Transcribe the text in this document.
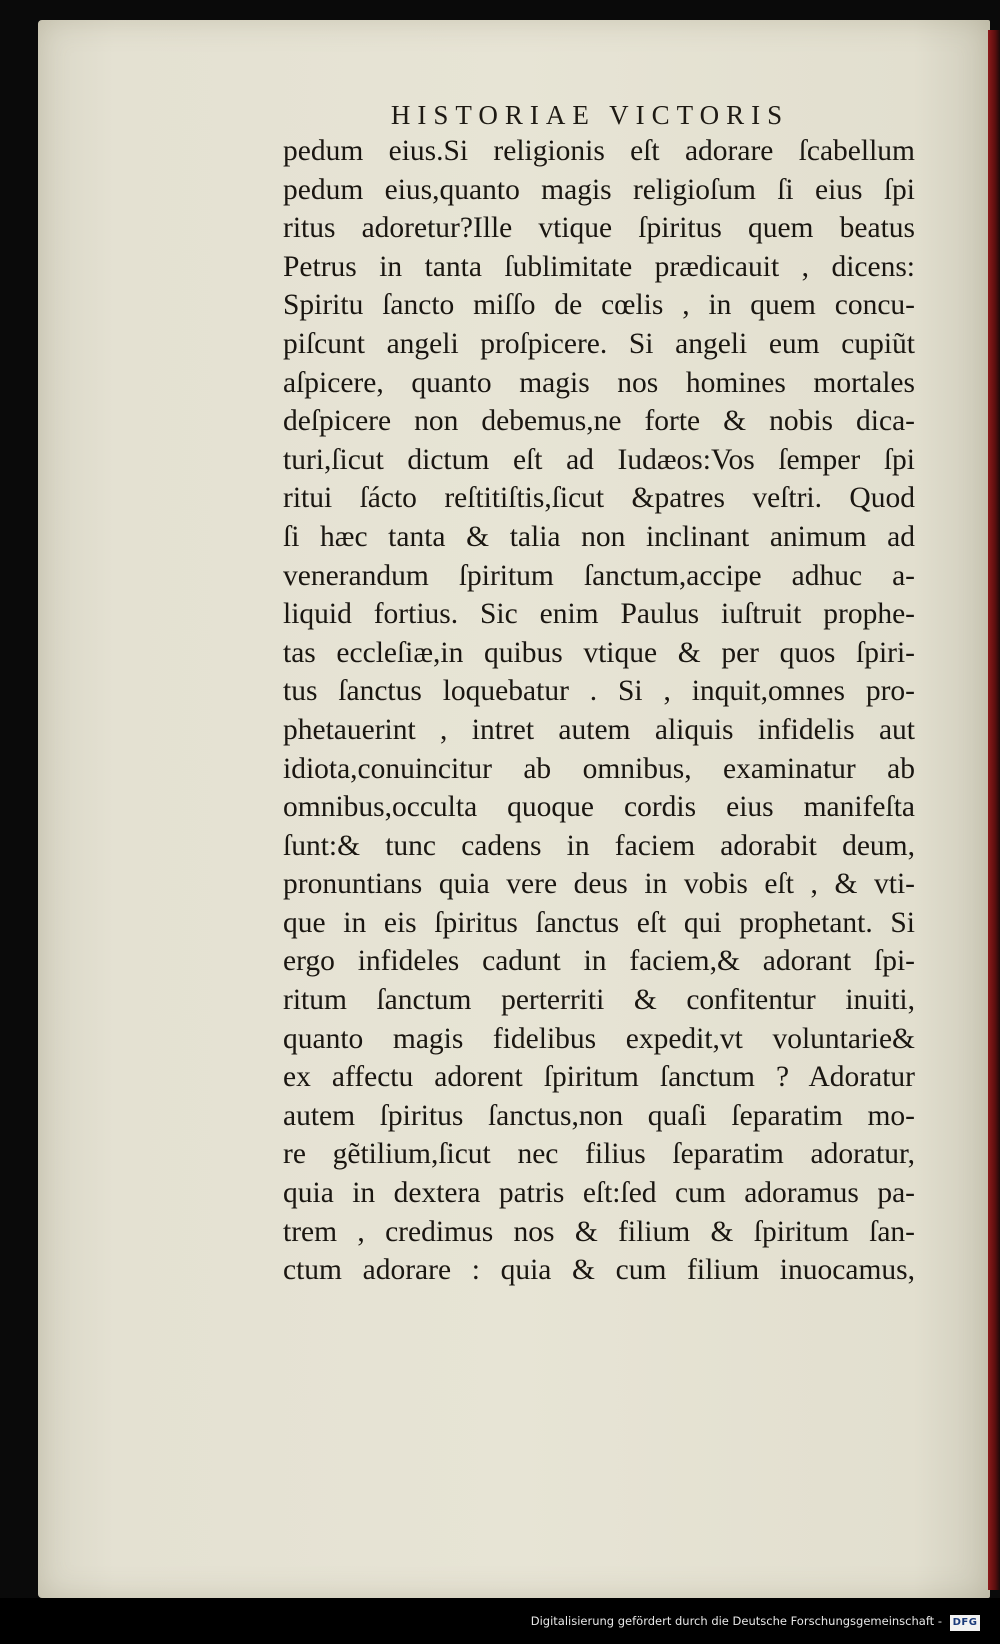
HISTORIAE VICTORIS
pedum eius.Si religionis eſt adorare ſcabellum
pedum eius,quanto magis religioſum ſi eius ſpi
ritus adoretur?Ille vtique ſpiritus quem beatus
Petrus in tanta ſublimitate prædicauit , dicens:
Spiritu ſancto miſſo de cœlis , in quem concu-
piſcunt angeli proſpicere. Si angeli eum cupiũt
aſpicere, quanto magis nos homines mortales
deſpicere non debemus,ne forte & nobis dica-
turi,ſicut dictum eſt ad Iudæos:Vos ſemper ſpi
ritui ſácto reſtitiſtis,ſicut &patres veſtri. Quod
ſi hæc tanta & talia non inclinant animum ad
venerandum ſpiritum ſanctum,accipe adhuc a-
liquid fortius. Sic enim Paulus iuſtruit prophe-
tas eccleſiæ,in quibus vtique & per quos ſpiri-
tus ſanctus loquebatur . Si , inquit,omnes pro-
phetauerint , intret autem aliquis infidelis aut
idiota,conuincitur ab omnibus, examinatur ab
omnibus,occulta quoque cordis eius manifeſta
ſunt:& tunc cadens in faciem adorabit deum,
pronuntians quia vere deus in vobis eſt , & vti-
que in eis ſpiritus ſanctus eſt qui prophetant. Si
ergo infideles cadunt in faciem,& adorant ſpi-
ritum ſanctum perterriti & confitentur inuiti,
quanto magis fidelibus expedit,vt voluntarie&
ex affectu adorent ſpiritum ſanctum ? Adoratur
autem ſpiritus ſanctus,non quaſi ſeparatim mo-
re gẽtilium,ſicut nec filius ſeparatim adoratur,
quia in dextera patris eſt:ſed cum adoramus pa-
trem , credimus nos & filium & ſpiritum ſan-
ctum adorare : quia & cum filium inuocamus,
Digitalisierung gefördert durch die Deutsche Forschungsgemeinschaft - DFG
